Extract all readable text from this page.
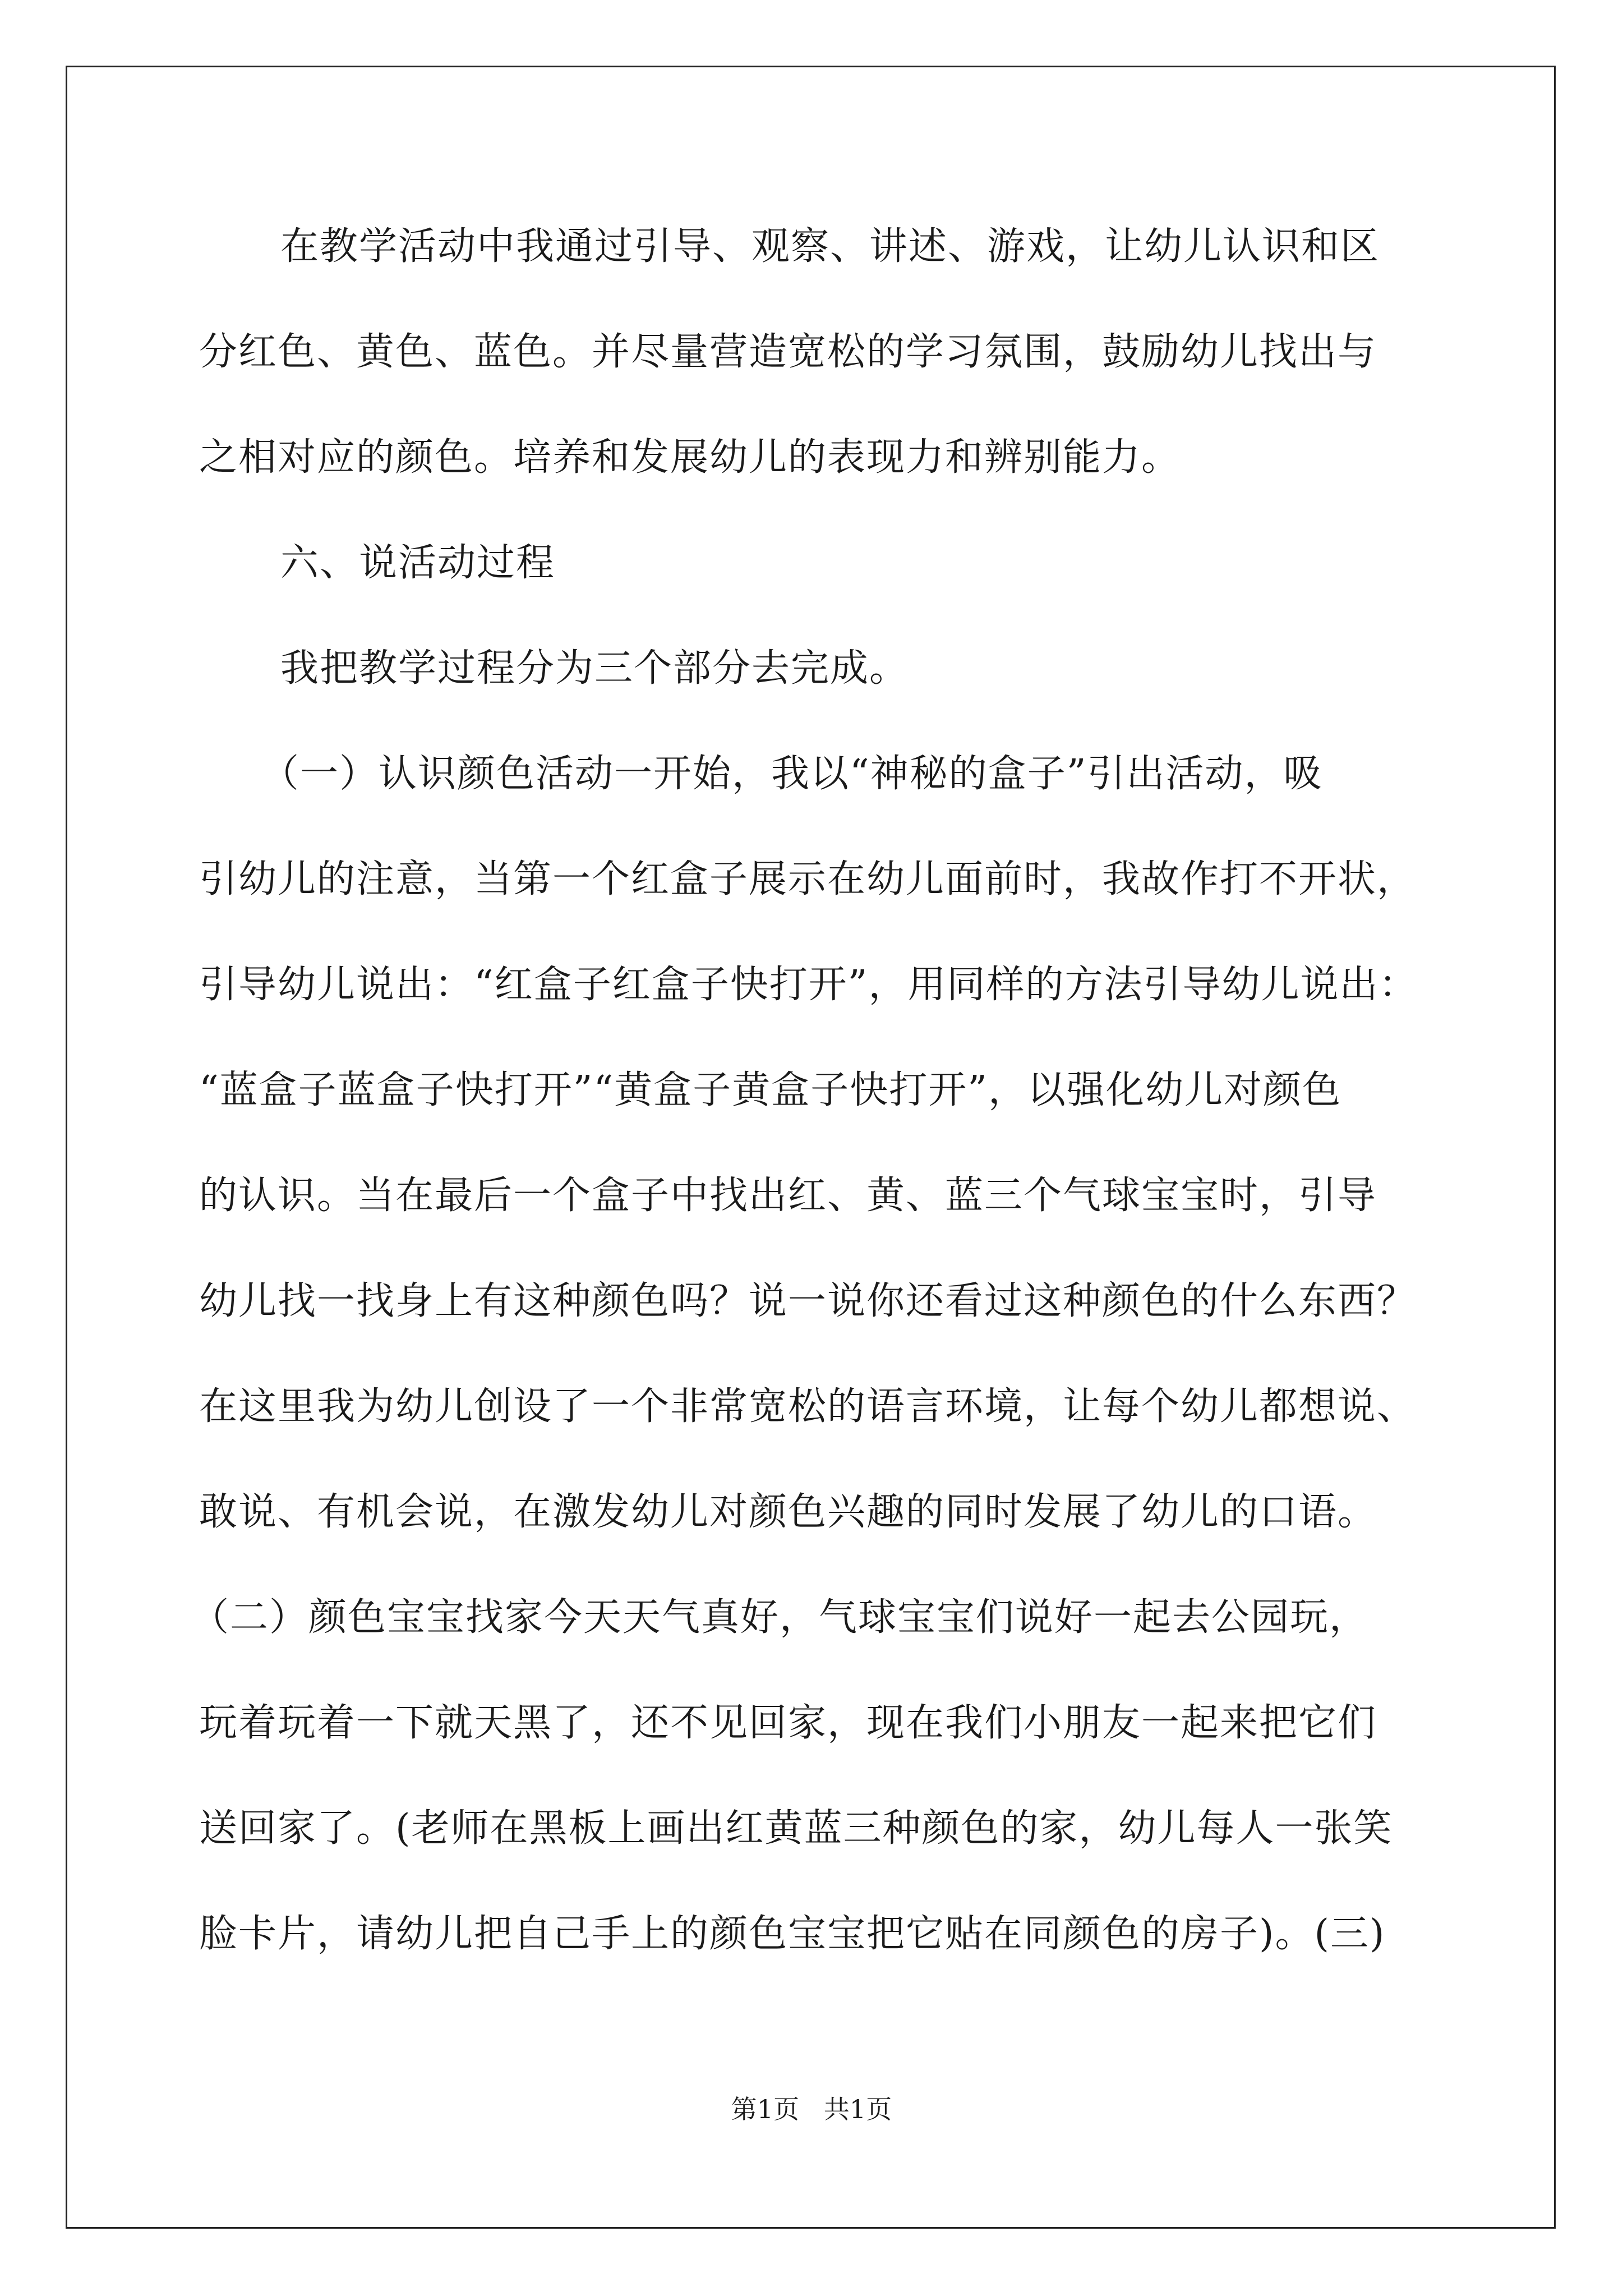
在教学活动中我通过引导、观察、讲述、游戏，让幼儿认识和区
分红色、黄色、蓝色。并尽量营造宽松的学习氛围，鼓励幼儿找出与
之相对应的颜色。培养和发展幼儿的表现力和辨别能力。
六、说活动过程
我把教学过程分为三个部分去完成。
（一）认识颜色活动一开始，我以“神秘的盒子”引出活动，吸
引幼儿的注意，当第一个红盒子展示在幼儿面前时，我故作打不开状，
引导幼儿说出：“红盒子红盒子快打开”，用同样的方法引导幼儿说出：
“蓝盒子蓝盒子快打开”“黄盒子黄盒子快打开”，以强化幼儿对颜色
的认识。当在最后一个盒子中找出红、黄、蓝三个气球宝宝时，引导
幼儿找一找身上有这种颜色吗？说一说你还看过这种颜色的什么东西？
在这里我为幼儿创设了一个非常宽松的语言环境，让每个幼儿都想说、
敢说、有机会说，在激发幼儿对颜色兴趣的同时发展了幼儿的口语。
（二）颜色宝宝找家今天天气真好，气球宝宝们说好一起去公园玩，
玩着玩着一下就天黑了，还不见回家，现在我们小朋友一起来把它们
送回家了。(老师在黑板上画出红黄蓝三种颜色的家，幼儿每人一张笑
脸卡片，请幼儿把自己手上的颜色宝宝把它贴在同颜色的房子)。(三)
第1页   共1页
